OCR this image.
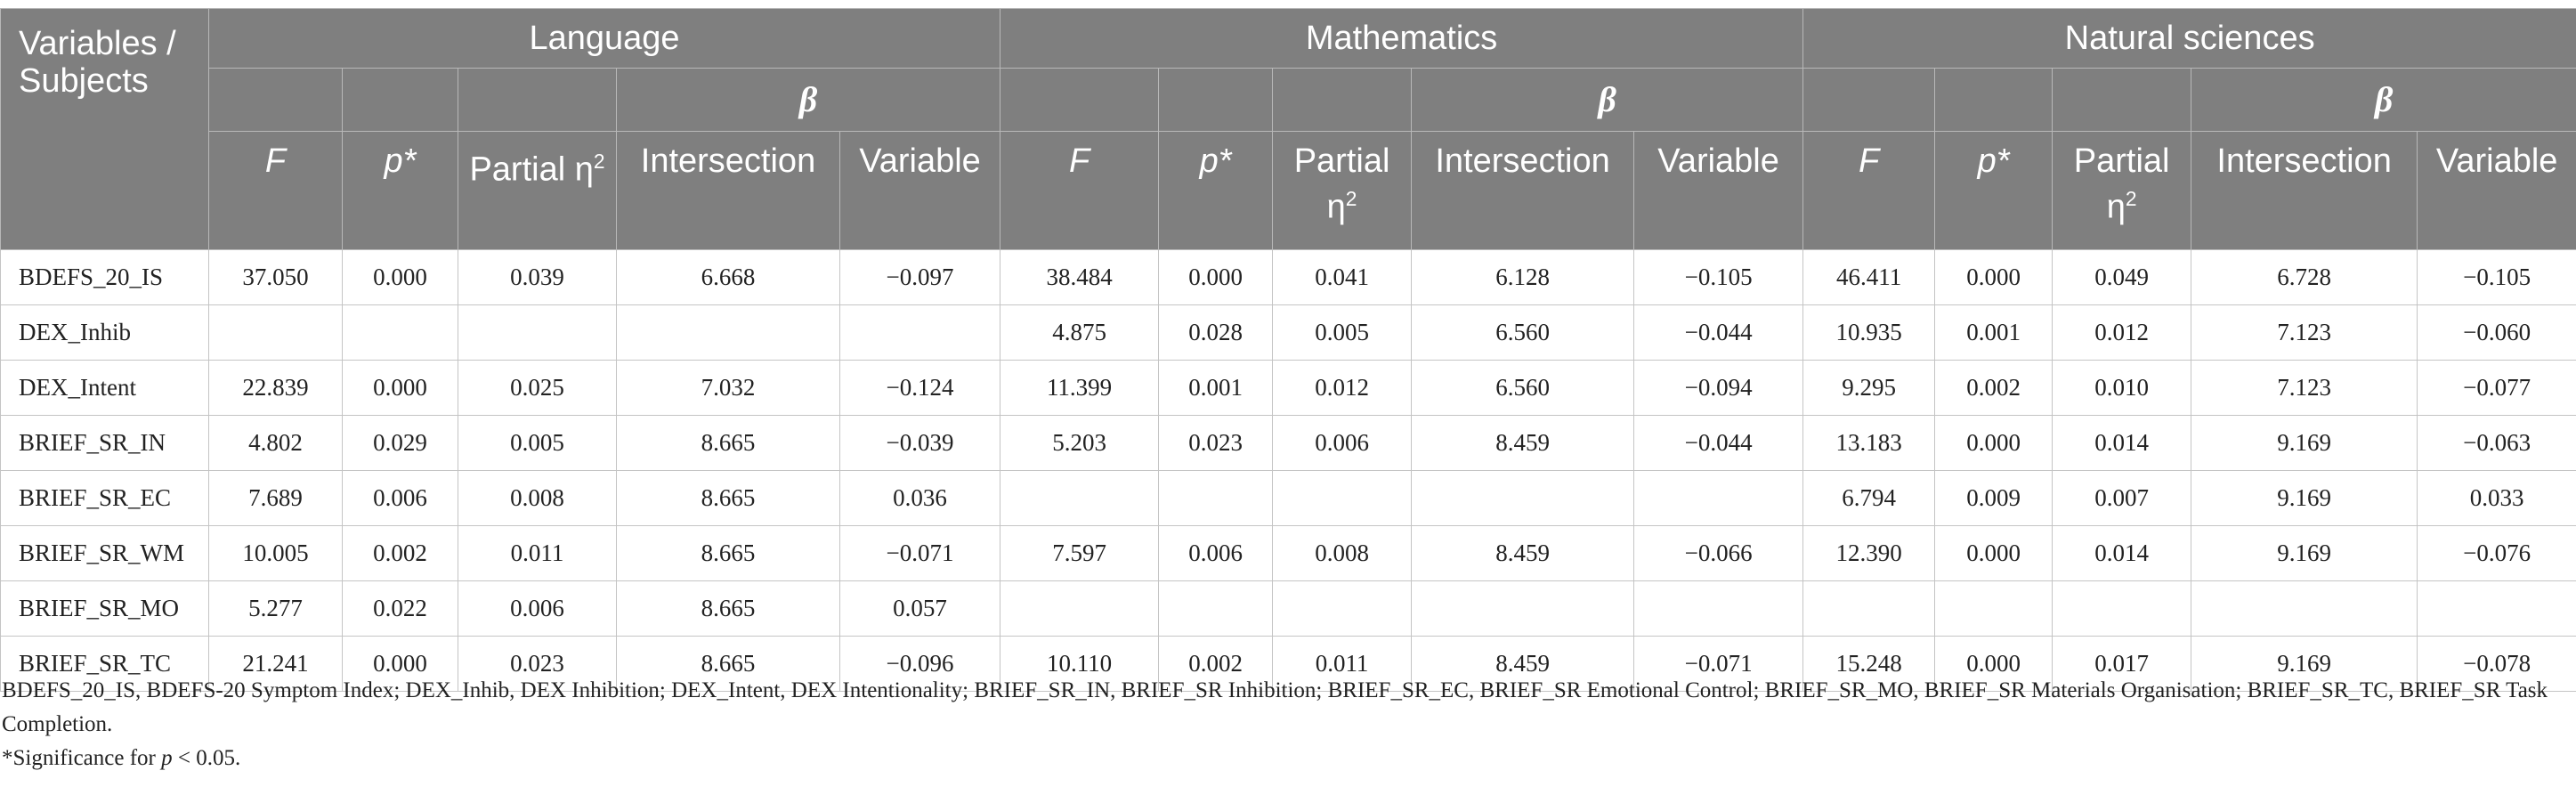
Variables / Subjects	Language					Mathematics					Natural sciences				
				β					β					β	
	F	p*	Partial $\eta^2$	Intersection	Variable	F	p*	Partial $\eta^2$	Intersection	Variable	F	p*	Partial $\eta^2$	Intersection	Variable
BDEFS_20_IS	37.050	0.000	0.039	6.668	−0.097	38.484	0.000	0.041	6.128	−0.105	46.411	0.000	0.049	6.728	−0.105
DEX_Inhib						4.875	0.028	0.005	6.560	−0.044	10.935	0.001	0.012	7.123	−0.060
DEX_Intent	22.839	0.000	0.025	7.032	−0.124	11.399	0.001	0.012	6.560	−0.094	9.295	0.002	0.010	7.123	−0.077
BRIEF_SR_IN	4.802	0.029	0.005	8.665	−0.039	5.203	0.023	0.006	8.459	−0.044	13.183	0.000	0.014	9.169	−0.063
BRIEF_SR_EC	7.689	0.006	0.008	8.665	0.036						6.794	0.009	0.007	9.169	0.033
BRIEF_SR_WM	10.005	0.002	0.011	8.665	−0.071	7.597	0.006	0.008	8.459	−0.066	12.390	0.000	0.014	9.169	−0.076
BRIEF_SR_MO	5.277	0.022	0.006	8.665	0.057										
BRIEF_SR_TC	21.241	0.000	0.023	8.665	−0.096	10.110	0.002	0.011	8.459	−0.071	15.248	0.000	0.017	9.169	−0.078

BDEFS_20_IS, BDEFS-20 Symptom Index; DEX_Inhib, DEX Inhibition; DEX_Intent, DEX Intentionality; BRIEF_SR_IN, BRIEF_SR Inhibition; BRIEF_SR_EC, BRIEF_SR Emotional Control; BRIEF_SR_MO, BRIEF_SR Materials Organisation; BRIEF_SR_TC, BRIEF_SR Task Completion.

*Significance for p < 0.05.
